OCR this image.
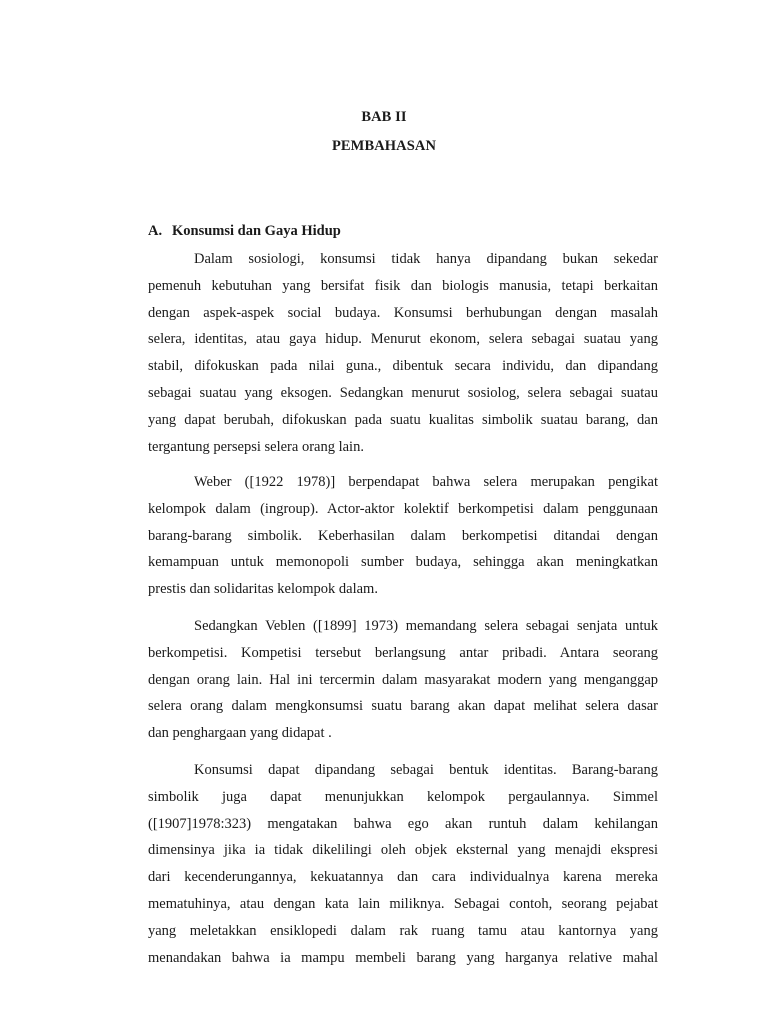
BAB II
PEMBAHASAN
A. Konsumsi dan Gaya Hidup
Dalam sosiologi, konsumsi tidak hanya dipandang bukan sekedar
pemenuh kebutuhan yang bersifat fisik dan biologis manusia, tetapi berkaitan
dengan aspek-aspek social budaya. Konsumsi berhubungan dengan masalah
selera, identitas, atau gaya hidup. Menurut ekonom, selera sebagai suatau yang
stabil, difokuskan pada nilai guna., dibentuk secara individu, dan dipandang
sebagai suatau yang eksogen. Sedangkan menurut sosiolog, selera sebagai suatau
yang dapat berubah, difokuskan pada suatu kualitas simbolik suatau barang, dan
tergantung persepsi selera orang lain.
Weber ([1922 1978)] berpendapat bahwa selera merupakan pengikat
kelompok dalam (ingroup). Actor-aktor kolektif berkompetisi dalam penggunaan
barang-barang simbolik. Keberhasilan dalam berkompetisi ditandai dengan
kemampuan untuk memonopoli sumber budaya, sehingga akan meningkatkan
prestis dan solidaritas kelompok dalam.
Sedangkan Veblen ([1899] 1973) memandang selera sebagai senjata untuk
berkompetisi. Kompetisi tersebut berlangsung antar pribadi. Antara seorang
dengan orang lain. Hal ini tercermin dalam masyarakat modern yang menganggap
selera orang dalam mengkonsumsi suatu barang akan dapat melihat selera dasar
dan penghargaan yang didapat .
Konsumsi dapat dipandang sebagai bentuk identitas. Barang-barang
simbolik juga dapat menunjukkan kelompok pergaulannya. Simmel
([1907]1978:323) mengatakan bahwa ego akan runtuh dalam kehilangan
dimensinya jika ia tidak dikelilingi oleh objek eksternal yang menajdi ekspresi
dari kecenderungannya, kekuatannya dan cara individualnya karena mereka
mematuhinya, atau dengan kata lain miliknya. Sebagai contoh, seorang pejabat
yang meletakkan ensiklopedi dalam rak ruang tamu atau kantornya yang
menandakan bahwa ia mampu membeli barang yang harganya relative mahal
